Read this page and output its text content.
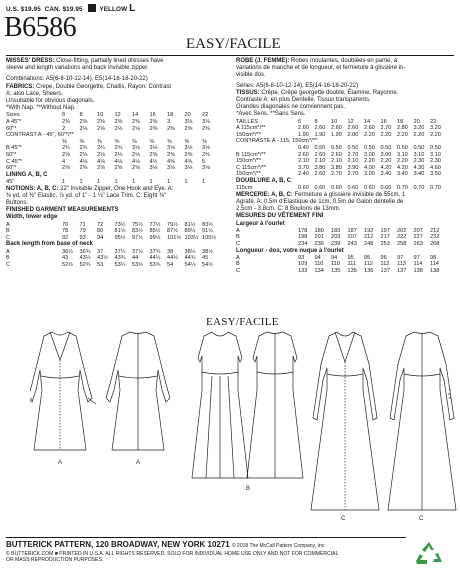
U.S. $19.95 CAN. $19.95	YELLOW L
B6586
EASY/FACILE
MISSES' DRESS: Close-fitting, partially lined dresses have
sleeve and length variations and back invisible zipper.
Combinations: A5(6-8-10-12-14), E5(14-16-18-20-22)
FABRICS: Crepe, Double Georgette, Challis, Rayon. Contrast
A: also Lace, Sheers.
Unsuitable for obvious diagonals.
*With Nap. **Without Nap.
Sizes	6	8	10	12	14	16	18	20	22
A 45"*	2⅜	2⅜	2⅜	2⅜	2⅜	2⅜	3	3⅛	3⅛
60"*	2	2⅛	2⅛	2⅛	2⅛	2⅜	2⅜	2⅜	2⅜
CONTRAST A - 45", 60"*/**									
	⅜	⅜	⅜	⅜	⅜	⅜	⅜	⅜	⅜
B 45"*	2¾	2¾	2¾	2¾	3⅛	3⅛	3⅛	3⅛	3⅛
60"*	2⅛	2⅛	2⅛	2⅛	2⅛	2⅜	2⅜	2⅜	2⅜
C 45"*	4	4⅛	4⅛	4⅛	4⅛	4½	4⅝	4⅝	5
60"*	2⅝	2⅝	2⅝	2⅝	2⅝	3⅛	3⅛	3⅛	3⅛
LINING A, B, C
45"	1	1	1	1	1	1	1	1	1
NOTIONS: A, B, C: 22" Invisible Zipper, One Hook and Eye. A:
⅜ yd. of ⅜" Elastic, ⅞ yd. of 1" - 1 ⅛" Lace Trim. C: Eight ⅜"
Buttons.
FINISHED GARMENT MEASUREMENTS
Width, lower edge
A	70	71	72	73½	75½	77½	79½	81½	83½
B	78	79	80	81½	83½	85½	87½	89½	91½
C	92	93	94	95½	97½	99½	101½	103½	105½
Back length from base of neck
A	36½	36¾	37	37¼	37½	37¾	38	38¼	38½
B	43	43¼	43½	43¾	44	44¼	44½	44¾	45
C	52½	52¾	53	53¼	53½	53¾	54	54¼	54½
ROBE (J. FEMME): Robes moulantes, doublées en partie, à
variations de manche et de longueur, et fermeture à glissière in-
visible dos.
Séries: A5(6-8-10-12-14), E5(14-16-18-20-22)
TISSUS: Crêpe, Crêpe georgette double, Étamine, Rayonne.
Contraste A: en plus Dentelle, Tissus transparents.
Grandes diagonales ne conviennent pas.
*Avec Sens. **Sans Sens.
TAILLES	6	8	10	12	14	16	18	20	22
A 115cm*/**	2.60	2.60	2.60	2.60	2.60	2.70	2.80	3.20	3.20
150cm*/**	1.90	1.90	1.90	2.00	2.20	2.20	2.20	2.20	2.20
CONTRASTE A - 115, 150cm*/**									
	0.40	0.50	0.50	0.50	0.50	0.50	0.50	0.50	0.50
B 115cm*/**	2.60	2.60	2.60	2.70	3.00	3.00	3.10	3.10	3.10
150cm*/**	2.10	2.10	2.10	2.10	2.20	2.20	2.20	2.30	2.30
C 115cm*/**	3.70	3.80	3.80	3.90	4.00	4.20	4.20	4.30	4.60
150cm*/**	2.40	2.60	2.70	2.70	3.00	3.40	3.40	3.40	3.50
DOUBLURE A, B, C
115cm	0.60	0.60	0.60	0.60	0.60	0.60	0.70	0.70	0.70
MERCERIE: A, B, C: Fermeture à glissière invisible de 55cm, 1
Agrafe. A: 0.5m d'Elastique de 1cm, 0.5m de Galon dentelle de
2.5cm - 3.8cm. C: 8 Boutons de 13mm.
MESURES DU VÊTEMENT FINI
Largeur à l'ourlet
A	178	180	183	187	192	197	202	207	212
B	198	201	203	207	212	217	222	227	232
C	234	236	239	243	248	253	258	263	268
Longueur - dos, votre nuque à l'ourlet
A	93	94	94	95	95	96	97	97	98
B	109	110	110	111	112	112	113	114	114
C	133	134	135	135	136	137	137	138	138
EASY/FACILE
A	A
B
C	C
BUTTERICK PATTERN, 120 BROADWAY, NEW YORK 10271 © 2018 The McCall Pattern Company, Inc.
© BUTTERICK.COM ■ PRINTED IN U.S.A. ALL RIGHTS RESERVED. SOLD FOR INDIVIDUAL HOME USE ONLY AND NOT FOR COMMERCIAL
OR MASS REPRODUCTION PURPOSES.
